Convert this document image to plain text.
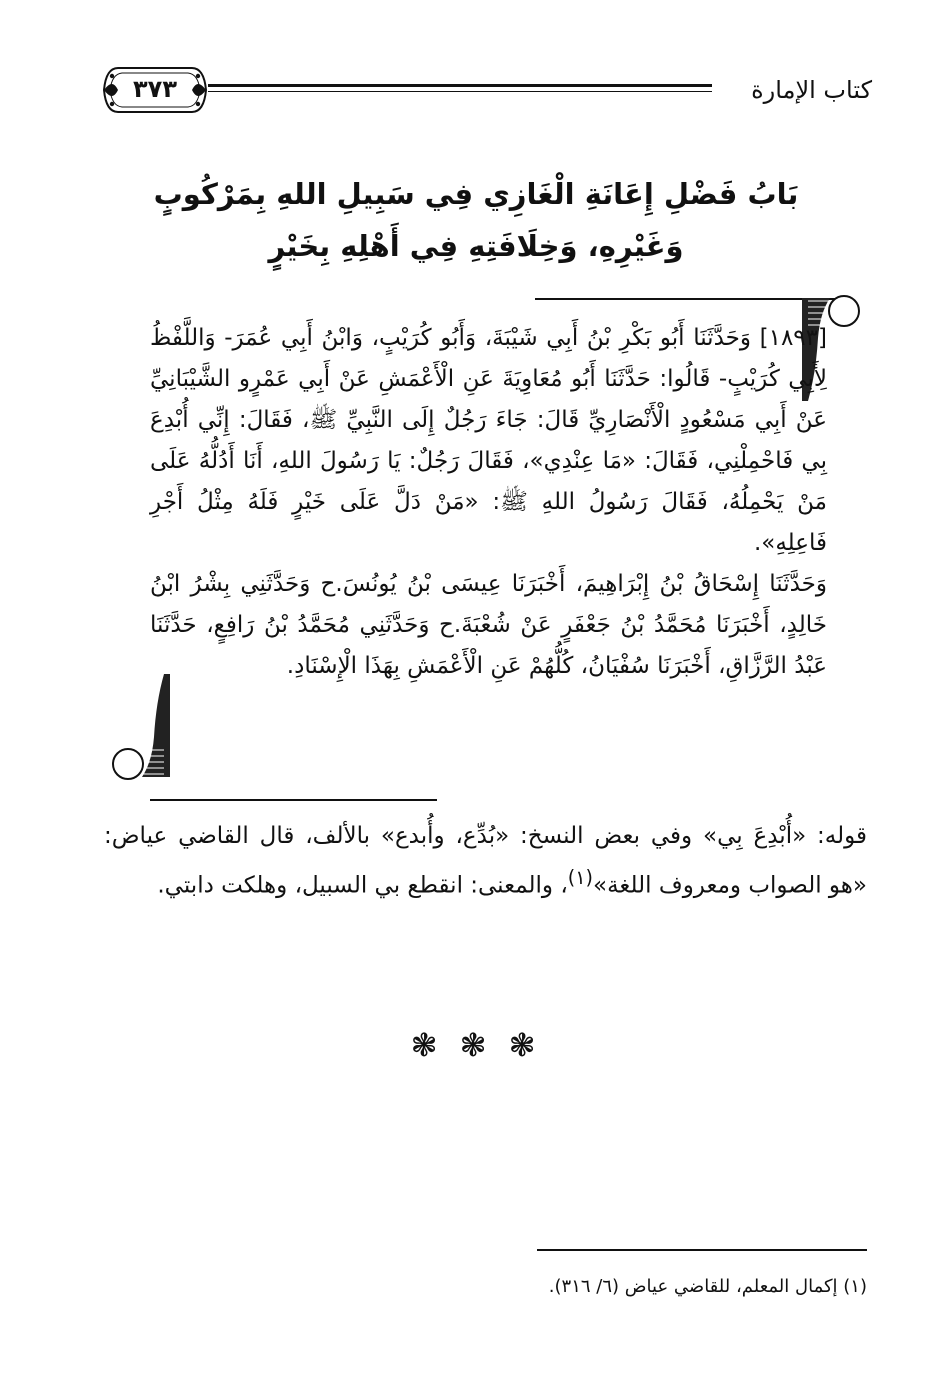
كتاب الإمارة
٣٧٣
بَابُ فَضْلِ إِعَانَةِ الْغَازِي فِي سَبِيلِ اللهِ بِمَرْكُوبٍ
وَغَيْرِهِ، وَخِلَافَتِهِ فِي أَهْلِهِ بِخَيْرٍ

[١٨٩٣] وَحَدَّثَنَا أَبُو بَكْرِ بْنُ أَبِي شَيْبَةَ، وَأَبُو كُرَيْبٍ، وَابْنُ أَبِي عُمَرَ- وَاللَّفْظُ لِأَبِي كُرَيْبٍ- قَالُوا: حَدَّثَنَا أَبُو مُعَاوِيَةَ عَنِ الْأَعْمَشِ عَنْ أَبِي عَمْرٍو الشَّيْبَانِيِّ عَنْ أَبِي مَسْعُودٍ الْأَنْصَارِيِّ قَالَ: جَاءَ رَجُلٌ إِلَى النَّبِيِّ ﷺ، فَقَالَ: إِنِّي أُبْدِعَ بِي فَاحْمِلْنِي، فَقَالَ: «مَا عِنْدِي»، فَقَالَ رَجُلٌ: يَا رَسُولَ اللهِ، أَنَا أَدُلُّهُ عَلَى مَنْ يَحْمِلُهُ، فَقَالَ رَسُولُ اللهِ ﷺ: «مَنْ دَلَّ عَلَى خَيْرٍ فَلَهُ مِثْلُ أَجْرِ فَاعِلِهِ».

وَحَدَّثَنَا إِسْحَاقُ بْنُ إِبْرَاهِيمَ، أَخْبَرَنَا عِيسَى بْنُ يُونُسَ.ح وَحَدَّثَنِي بِشْرُ ابْنُ خَالِدٍ، أَخْبَرَنَا مُحَمَّدُ بْنُ جَعْفَرٍ عَنْ شُعْبَةَ.ح وَحَدَّثَنِي مُحَمَّدُ بْنُ رَافِعٍ، حَدَّثَنَا عَبْدُ الرَّزَّاقِ، أَخْبَرَنَا سُفْيَانُ، كُلُّهُمْ عَنِ الْأَعْمَشِ بِهَذَا الْإِسْنَادِ.

قوله: «أُبْدِعَ بِي» وفي بعض النسخ: «بُدِّع، وأُبدع» بالألف، قال القاضي عياض: «هو الصواب ومعروف اللغة»$^{(١)}$، والمعنى: انقطع بي السبيل، وهلكت دابتي.

❃ ❃ ❃
(١) إكمال المعلم، للقاضي عياض (٦/ ٣١٦).
